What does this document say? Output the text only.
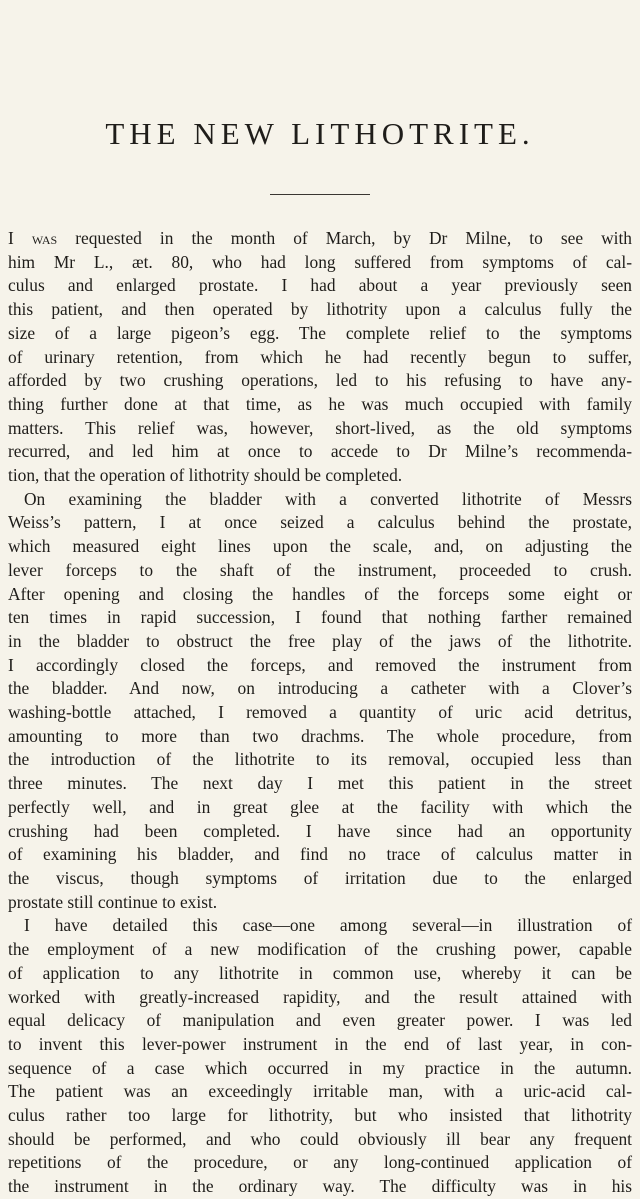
THE NEW LITHOTRITE.
I was requested in the month of March, by Dr Milne, to see with
him Mr L., æt. 80, who had long suffered from symptoms of cal-
culus and enlarged prostate. I had about a year previously seen
this patient, and then operated by lithotrity upon a calculus fully the
size of a large pigeon’s egg. The complete relief to the symptoms
of urinary retention, from which he had recently begun to suffer,
afforded by two crushing operations, led to his refusing to have any-
thing further done at that time, as he was much occupied with family
matters. This relief was, however, short-lived, as the old symptoms
recurred, and led him at once to accede to Dr Milne’s recommenda-
tion, that the operation of lithotrity should be completed.
On examining the bladder with a converted lithotrite of Messrs
Weiss’s pattern, I at once seized a calculus behind the prostate,
which measured eight lines upon the scale, and, on adjusting the
lever forceps to the shaft of the instrument, proceeded to crush.
After opening and closing the handles of the forceps some eight or
ten times in rapid succession, I found that nothing farther remained
in the bladder to obstruct the free play of the jaws of the lithotrite.
I accordingly closed the forceps, and removed the instrument from
the bladder. And now, on introducing a catheter with a Clover’s
washing-bottle attached, I removed a quantity of uric acid detritus,
amounting to more than two drachms. The whole procedure, from
the introduction of the lithotrite to its removal, occupied less than
three minutes. The next day I met this patient in the street
perfectly well, and in great glee at the facility with which the
crushing had been completed. I have since had an opportunity
of examining his bladder, and find no trace of calculus matter in
the viscus, though symptoms of irritation due to the enlarged
prostate still continue to exist.
I have detailed this case—one among several—in illustration of
the employment of a new modification of the crushing power, capable
of application to any lithotrite in common use, whereby it can be
worked with greatly-increased rapidity, and the result attained with
equal delicacy of manipulation and even greater power. I was led
to invent this lever-power instrument in the end of last year, in con-
sequence of a case which occurred in my practice in the autumn.
The patient was an exceedingly irritable man, with a uric-acid cal-
culus rather too large for lithotrity, but who insisted that lithotrity
should be performed, and who could obviously ill bear any frequent
repetitions of the procedure, or any long-continued application of
the instrument in the ordinary way. The difficulty was in his
